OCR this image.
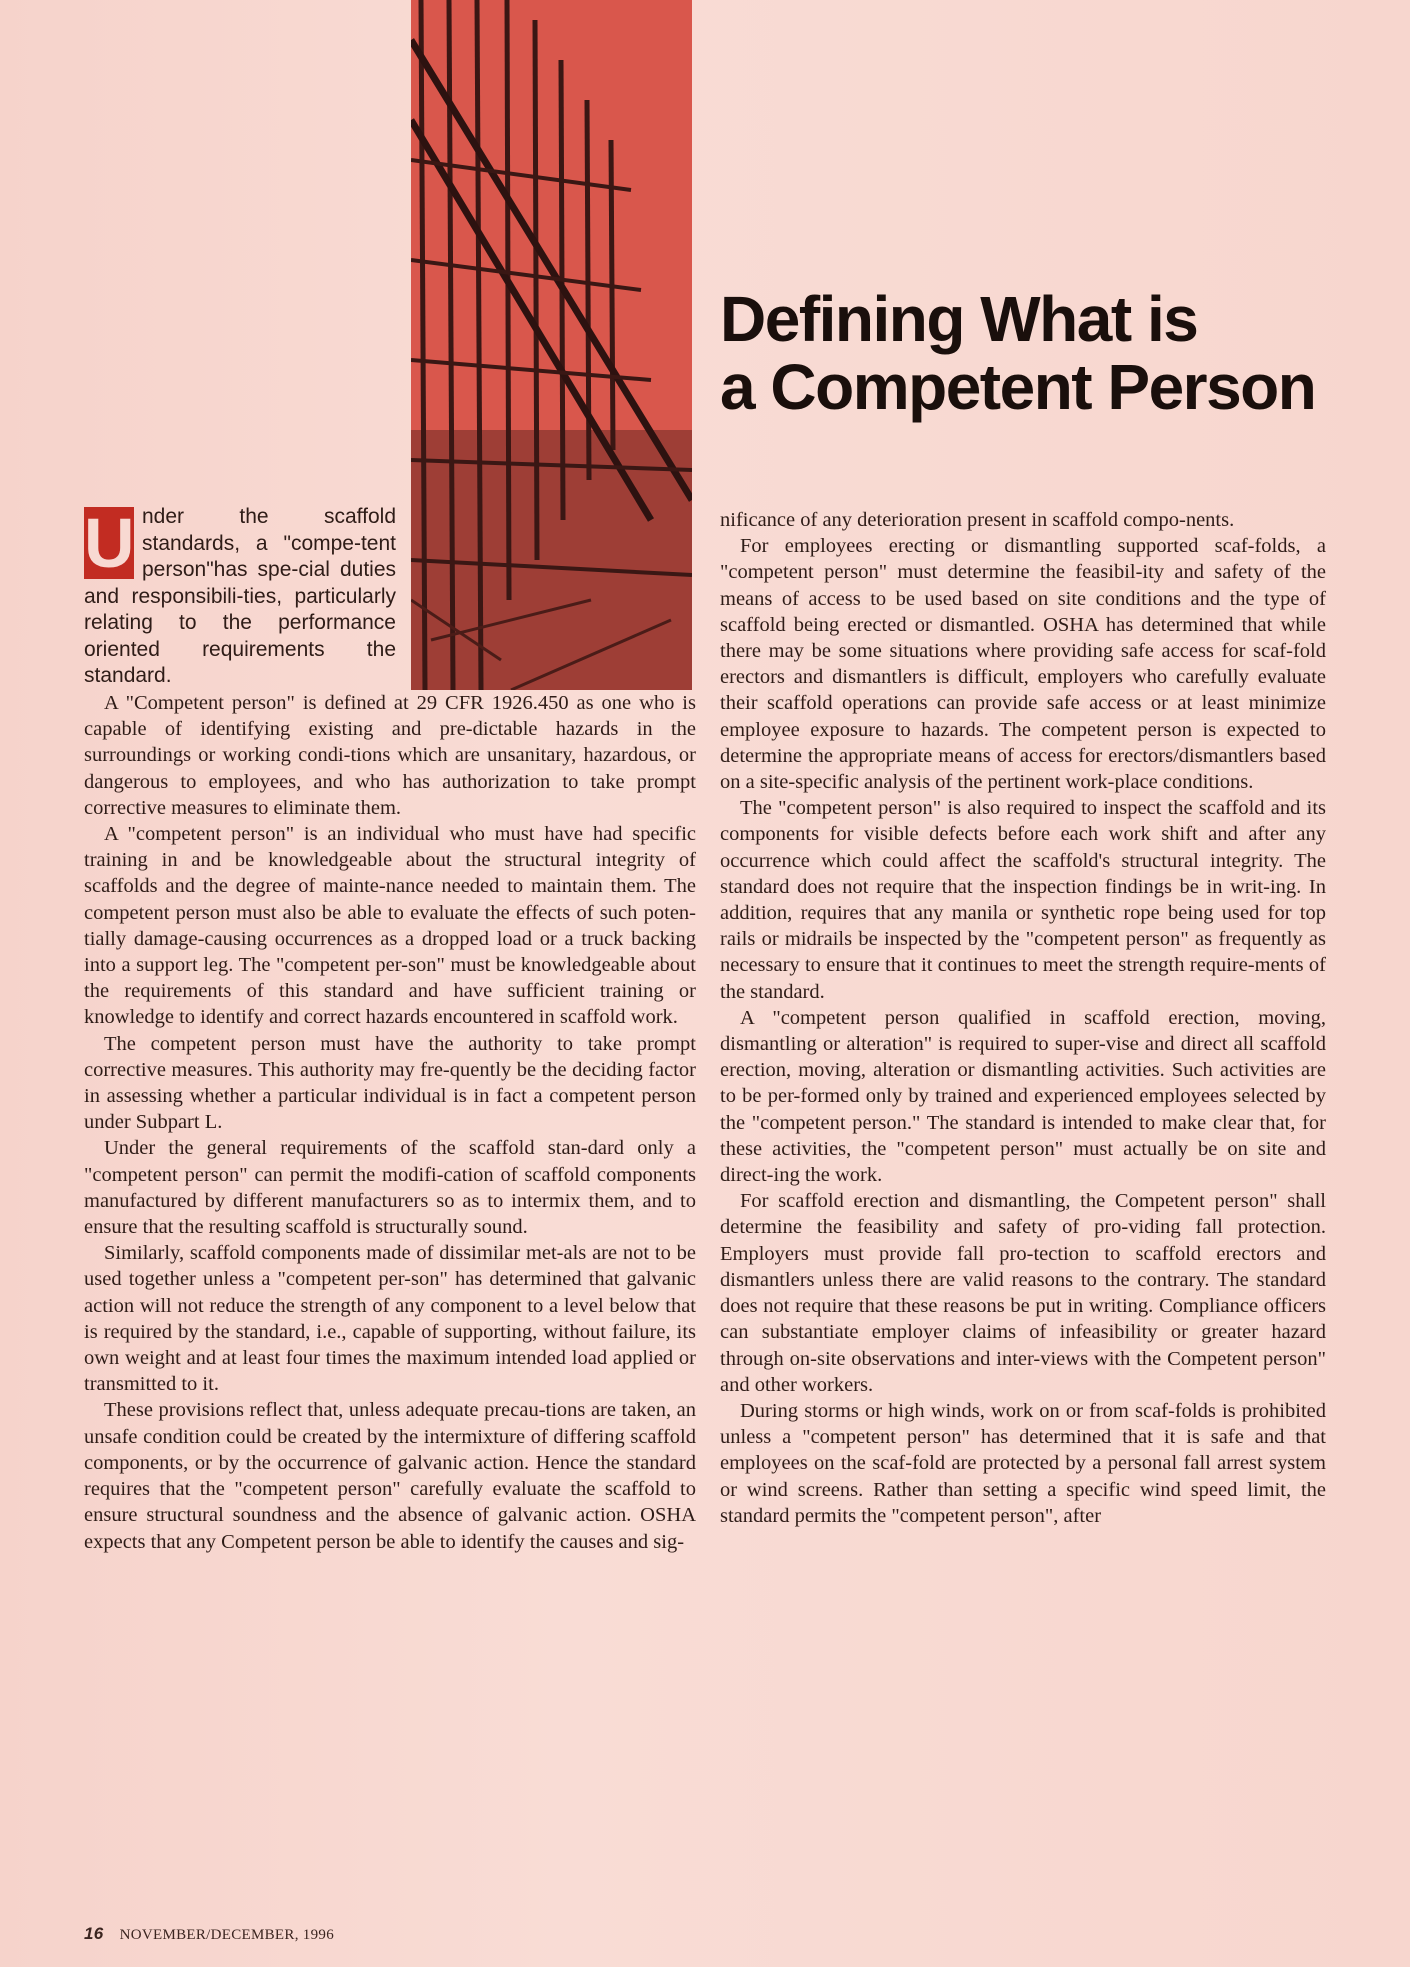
Defining What is
a Competent Person
U nder the scaffold standards, a "compe-tent person"has spe-cial duties and responsibili-ties, particularly relating to the performance oriented requirements the standard.

A "Competent person" is defined at 29 CFR 1926.450 as one who is capable of identifying existing and pre-dictable hazards in the surroundings or working condi-tions which are unsanitary, hazardous, or dangerous to employees, and who has authorization to take prompt corrective measures to eliminate them.

A "competent person" is an individual who must have had specific training in and be knowledgeable about the structural integrity of scaffolds and the degree of mainte-nance needed to maintain them. The competent person must also be able to evaluate the effects of such poten-tially damage-causing occurrences as a dropped load or a truck backing into a support leg. The "competent per-son" must be knowledgeable about the requirements of this standard and have sufficient training or knowledge to identify and correct hazards encountered in scaffold work.

The competent person must have the authority to take prompt corrective measures. This authority may fre-quently be the deciding factor in assessing whether a particular individual is in fact a competent person under Subpart L.

Under the general requirements of the scaffold stan-dard only a "competent person" can permit the modifi-cation of scaffold components manufactured by different manufacturers so as to intermix them, and to ensure that the resulting scaffold is structurally sound.

Similarly, scaffold components made of dissimilar met-als are not to be used together unless a "competent per-son" has determined that galvanic action will not reduce the strength of any component to a level below that is required by the standard, i.e., capable of supporting, without failure, its own weight and at least four times the maximum intended load applied or transmitted to it.

These provisions reflect that, unless adequate precau-tions are taken, an unsafe condition could be created by the intermixture of differing scaffold components, or by the occurrence of galvanic action. Hence the standard requires that the "competent person" carefully evaluate the scaffold to ensure structural soundness and the absence of galvanic action. OSHA expects that any Competent person be able to identify the causes and sig-

nificance of any deterioration present in scaffold compo-nents.

For employees erecting or dismantling supported scaf-folds, a "competent person" must determine the feasibil-ity and safety of the means of access to be used based on site conditions and the type of scaffold being erected or dismantled. OSHA has determined that while there may be some situations where providing safe access for scaf-fold erectors and dismantlers is difficult, employers who carefully evaluate their scaffold operations can provide safe access or at least minimize employee exposure to hazards. The competent person is expected to determine the appropriate means of access for erectors/dismantlers based on a site-specific analysis of the pertinent work-place conditions.

The "competent person" is also required to inspect the scaffold and its components for visible defects before each work shift and after any occurrence which could affect the scaffold's structural integrity. The standard does not require that the inspection findings be in writ-ing. In addition, requires that any manila or synthetic rope being used for top rails or midrails be inspected by the "competent person" as frequently as necessary to ensure that it continues to meet the strength require-ments of the standard.

A "competent person qualified in scaffold erection, moving, dismantling or alteration" is required to super-vise and direct all scaffold erection, moving, alteration or dismantling activities. Such activities are to be per-formed only by trained and experienced employees selected by the "competent person." The standard is intended to make clear that, for these activities, the "competent person" must actually be on site and direct-ing the work.

For scaffold erection and dismantling, the Competent person" shall determine the feasibility and safety of pro-viding fall protection. Employers must provide fall pro-tection to scaffold erectors and dismantlers unless there are valid reasons to the contrary. The standard does not require that these reasons be put in writing. Compliance officers can substantiate employer claims of infeasibility or greater hazard through on-site observations and inter-views with the Competent person" and other workers.

During storms or high winds, work on or from scaf-folds is prohibited unless a "competent person" has determined that it is safe and that employees on the scaf-fold are protected by a personal fall arrest system or wind screens. Rather than setting a specific wind speed limit, the standard permits the "competent person", after

16 NOVEMBER/DECEMBER, 1996
